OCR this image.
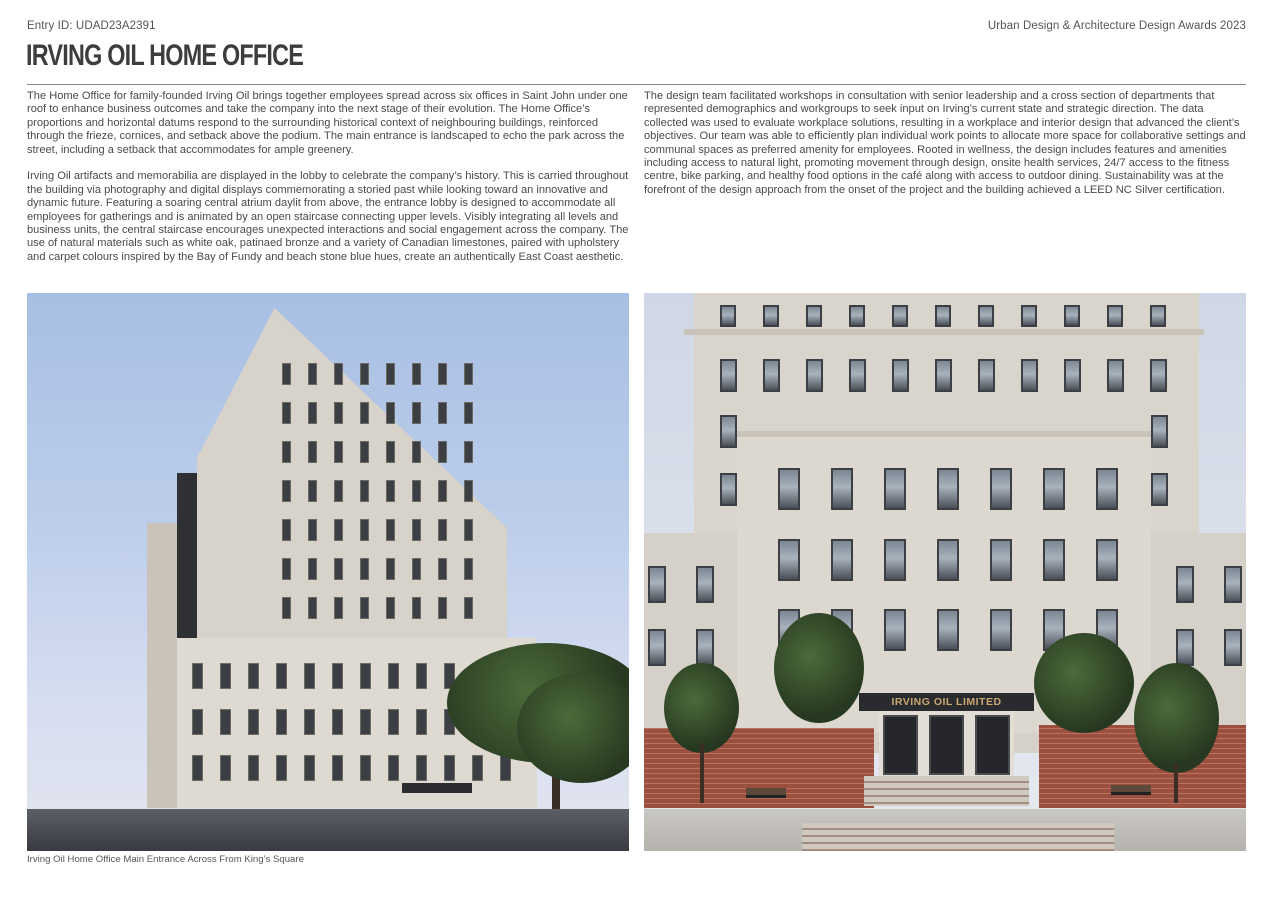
Entry ID: UDAD23A2391	Urban Design & Architecture Design Awards 2023
IRVING OIL HOME OFFICE

The Home Office for family-founded Irving Oil brings together employees spread across six offices in Saint John under one roof to enhance business outcomes and take the company into the next stage of their evolution. The Home Office’s proportions and horizontal datums respond to the surrounding historical context of neighbouring buildings, reinforced through the frieze, cornices, and setback above the podium. The main entrance is landscaped to echo the park across the street, including a setback that accommodates for ample greenery.

Irving Oil artifacts and memorabilia are displayed in the lobby to celebrate the company’s history. This is carried throughout the building via photography and digital displays commemorating a storied past while looking toward an innovative and dynamic future. Featuring a soaring central atrium daylit from above, the entrance lobby is designed to accommodate all employees for gatherings and is animated by an open staircase connecting upper levels. Visibly integrating all levels and business units, the central staircase encourages unexpected interactions and social engagement across the company. The use of natural materials such as white oak, patinaed bronze and a variety of Canadian limestones, paired with upholstery and carpet colours inspired by the Bay of Fundy and beach stone blue hues, create an authentically East Coast aesthetic.

The design team facilitated workshops in consultation with senior leadership and a cross section of departments that represented demographics and workgroups to seek input on Irving’s current state and strategic direction. The data collected was used to evaluate workplace solutions, resulting in a workplace and interior design that advanced the client’s objectives. Our team was able to efficiently plan individual work points to allocate more space for collaborative settings and communal spaces as preferred amenity for employees. Rooted in wellness, the design includes features and amenities including access to natural light, promoting movement through design, onsite health services, 24/7 access to the fitness centre, bike parking, and healthy food options in the café along with access to outdoor dining. Sustainability was at the forefront of the design approach from the onset of the project and the building achieved a LEED NC Silver certification.

IRVING OIL LIMITED
Irving Oil Home Office Main Entrance Across From King’s Square
